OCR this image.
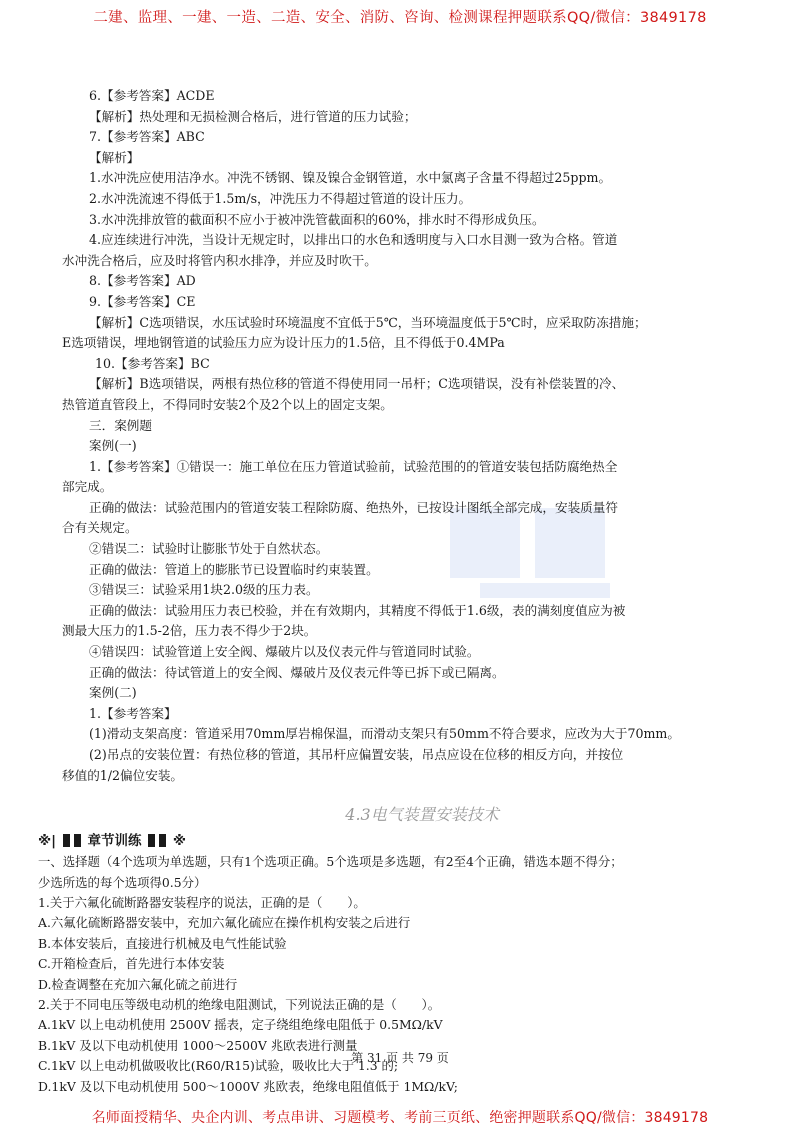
二建、监理、一建、一造、二造、安全、消防、咨询、检测课程押题联系QQ/微信：3849178
6.【参考答案】ACDE
【解析】热处理和无损检测合格后，进行管道的压力试验；
7.【参考答案】ABC
【解析】
1.水冲洗应使用洁净水。冲洗不锈钢、镍及镍合金钢管道，水中氯离子含量不得超过25ppm。
2.水冲洗流速不得低于1.5m/s，冲洗压力不得超过管道的设计压力。
3.水冲洗排放管的截面积不应小于被冲洗管截面积的60%，排水时不得形成负压。
4.应连续进行冲洗，当设计无规定时，以排出口的水色和透明度与入口水目测一致为合格。管道
水冲洗合格后，应及时将管内积水排净，并应及时吹干。
8.【参考答案】AD
9.【参考答案】CE
【解析】C选项错误，水压试验时环境温度不宜低于5℃，当环境温度低于5℃时，应采取防冻措施；
E选项错误，埋地钢管道的试验压力应为设计压力的1.5倍，且不得低于0.4MPa
10.【参考答案】BC
【解析】B选项错误，两根有热位移的管道不得使用同一吊杆；C选项错误，没有补偿装置的冷、
热管道直管段上，不得同时安装2个及2个以上的固定支架。
三．案例题
案例(一)
1.【参考答案】①错误一：施工单位在压力管道试验前，试验范围的的管道安装包括防腐绝热全
部完成。
正确的做法：试验范围内的管道安装工程除防腐、绝热外，已按设计图纸全部完成，安装质量符
合有关规定。
②错误二：试验时让膨胀节处于自然状态。
正确的做法：管道上的膨胀节已设置临时约束装置。
③错误三：试验采用1块2.0级的压力表。
正确的做法：试验用压力表已校验，并在有效期内，其精度不得低于1.6级，表的满刻度值应为被
测最大压力的1.5-2倍，压力表不得少于2块。
④错误四：试验管道上安全阀、爆破片以及仪表元件与管道同时试验。
正确的做法：待试管道上的安全阀、爆破片及仪表元件等已拆下或已隔离。
案例(二)
1.【参考答案】
(1)滑动支架高度：管道采用70mm厚岩棉保温，而滑动支架只有50mm不符合要求，应改为大于70mm。
(2)吊点的安装位置：有热位移的管道，其吊杆应偏置安装，吊点应设在位移的相反方向，并按位
移值的1/2偏位安装。
4.3电气装置安装技术
※| 章节训练 ※
一、选择题（4个选项为单选题，只有1个选项正确。5个选项是多选题，有2至4个正确，错选本题不得分；
少选所选的每个选项得0.5分）
1.关于六氟化硫断路器安装程序的说法，正确的是（　　）。
A.六氟化硫断路器安装中，充加六氟化硫应在操作机构安装之后进行
B.本体安装后，直接进行机械及电气性能试验
C.开箱检查后，首先进行本体安装
D.检查调整在充加六氟化硫之前进行
2.关于不同电压等级电动机的绝缘电阻测试，下列说法正确的是（　　）。
A.1kV 以上电动机使用 2500V 摇表，定子绕组绝缘电阻低于 0.5MΩ/kV
B.1kV 及以下电动机使用 1000～2500V 兆欧表进行测量
C.1kV 以上电动机做吸收比(R60/R15)试验，吸收比大于 1.3 的;
D.1kV 及以下电动机使用 500～1000V 兆欧表，绝缘电阻值低于 1MΩ/kV;
第 31 页 共 79 页
名师面授精华、央企内训、考点串讲、习题模考、考前三页纸、绝密押题联系QQ/微信：3849178
